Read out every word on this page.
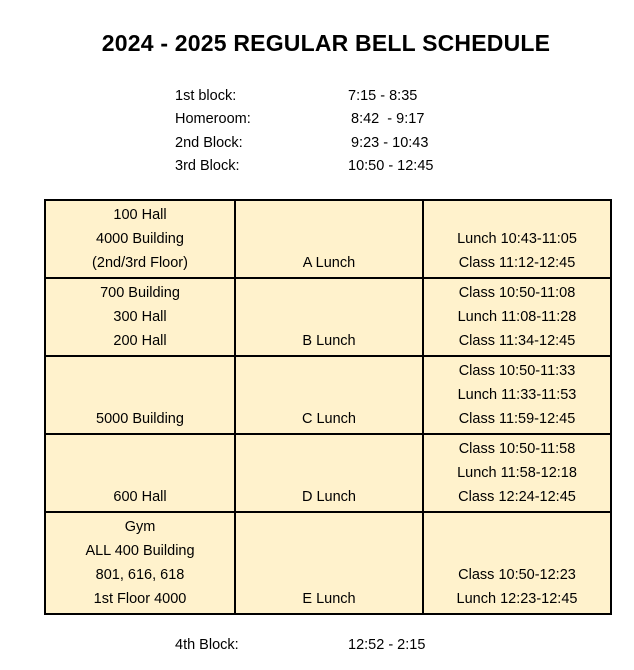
2024 - 2025 REGULAR BELL SCHEDULE
1st block:	7:15 - 8:35
Homeroom:	8:42  - 9:17
2nd Block:	9:23 - 10:43
3rd Block:	10:50 - 12:45
100 Hall
4000 Building
(2nd/3rd Floor)	A Lunch	Lunch 10:43-11:05
Class 11:12-12:45

700 Building
300 Hall
200 Hall	B Lunch	Class 10:50-11:08
Lunch 11:08-11:28
Class 11:34-12:45

5000 Building	C Lunch	Class 10:50-11:33
Lunch 11:33-11:53
Class 11:59-12:45

600 Hall	D Lunch	Class 10:50-11:58
Lunch 11:58-12:18
Class 12:24-12:45

Gym
ALL 400 Building
801, 616, 618
1st Floor 4000	E Lunch	Class 10:50-12:23
Lunch 12:23-12:45
4th Block:	12:52 - 2:15
